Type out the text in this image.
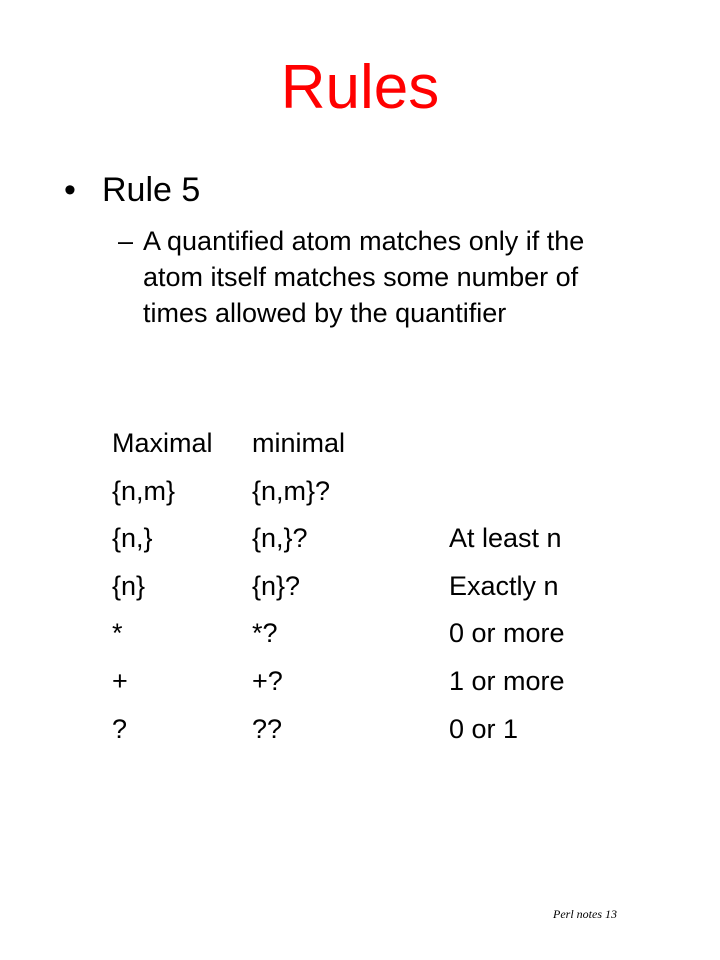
Rules
• Rule 5
– A quantified atom matches only if the atom itself matches some number of times allowed by the quantifier
Maximal minimal
{n,m}	{n,m}?
{n,}	{n,}?	At least n
{n}	{n}?	Exactly n
*	*?	0 or more
+	+?	1 or more
?	??	0 or 1
Perl notes 13
